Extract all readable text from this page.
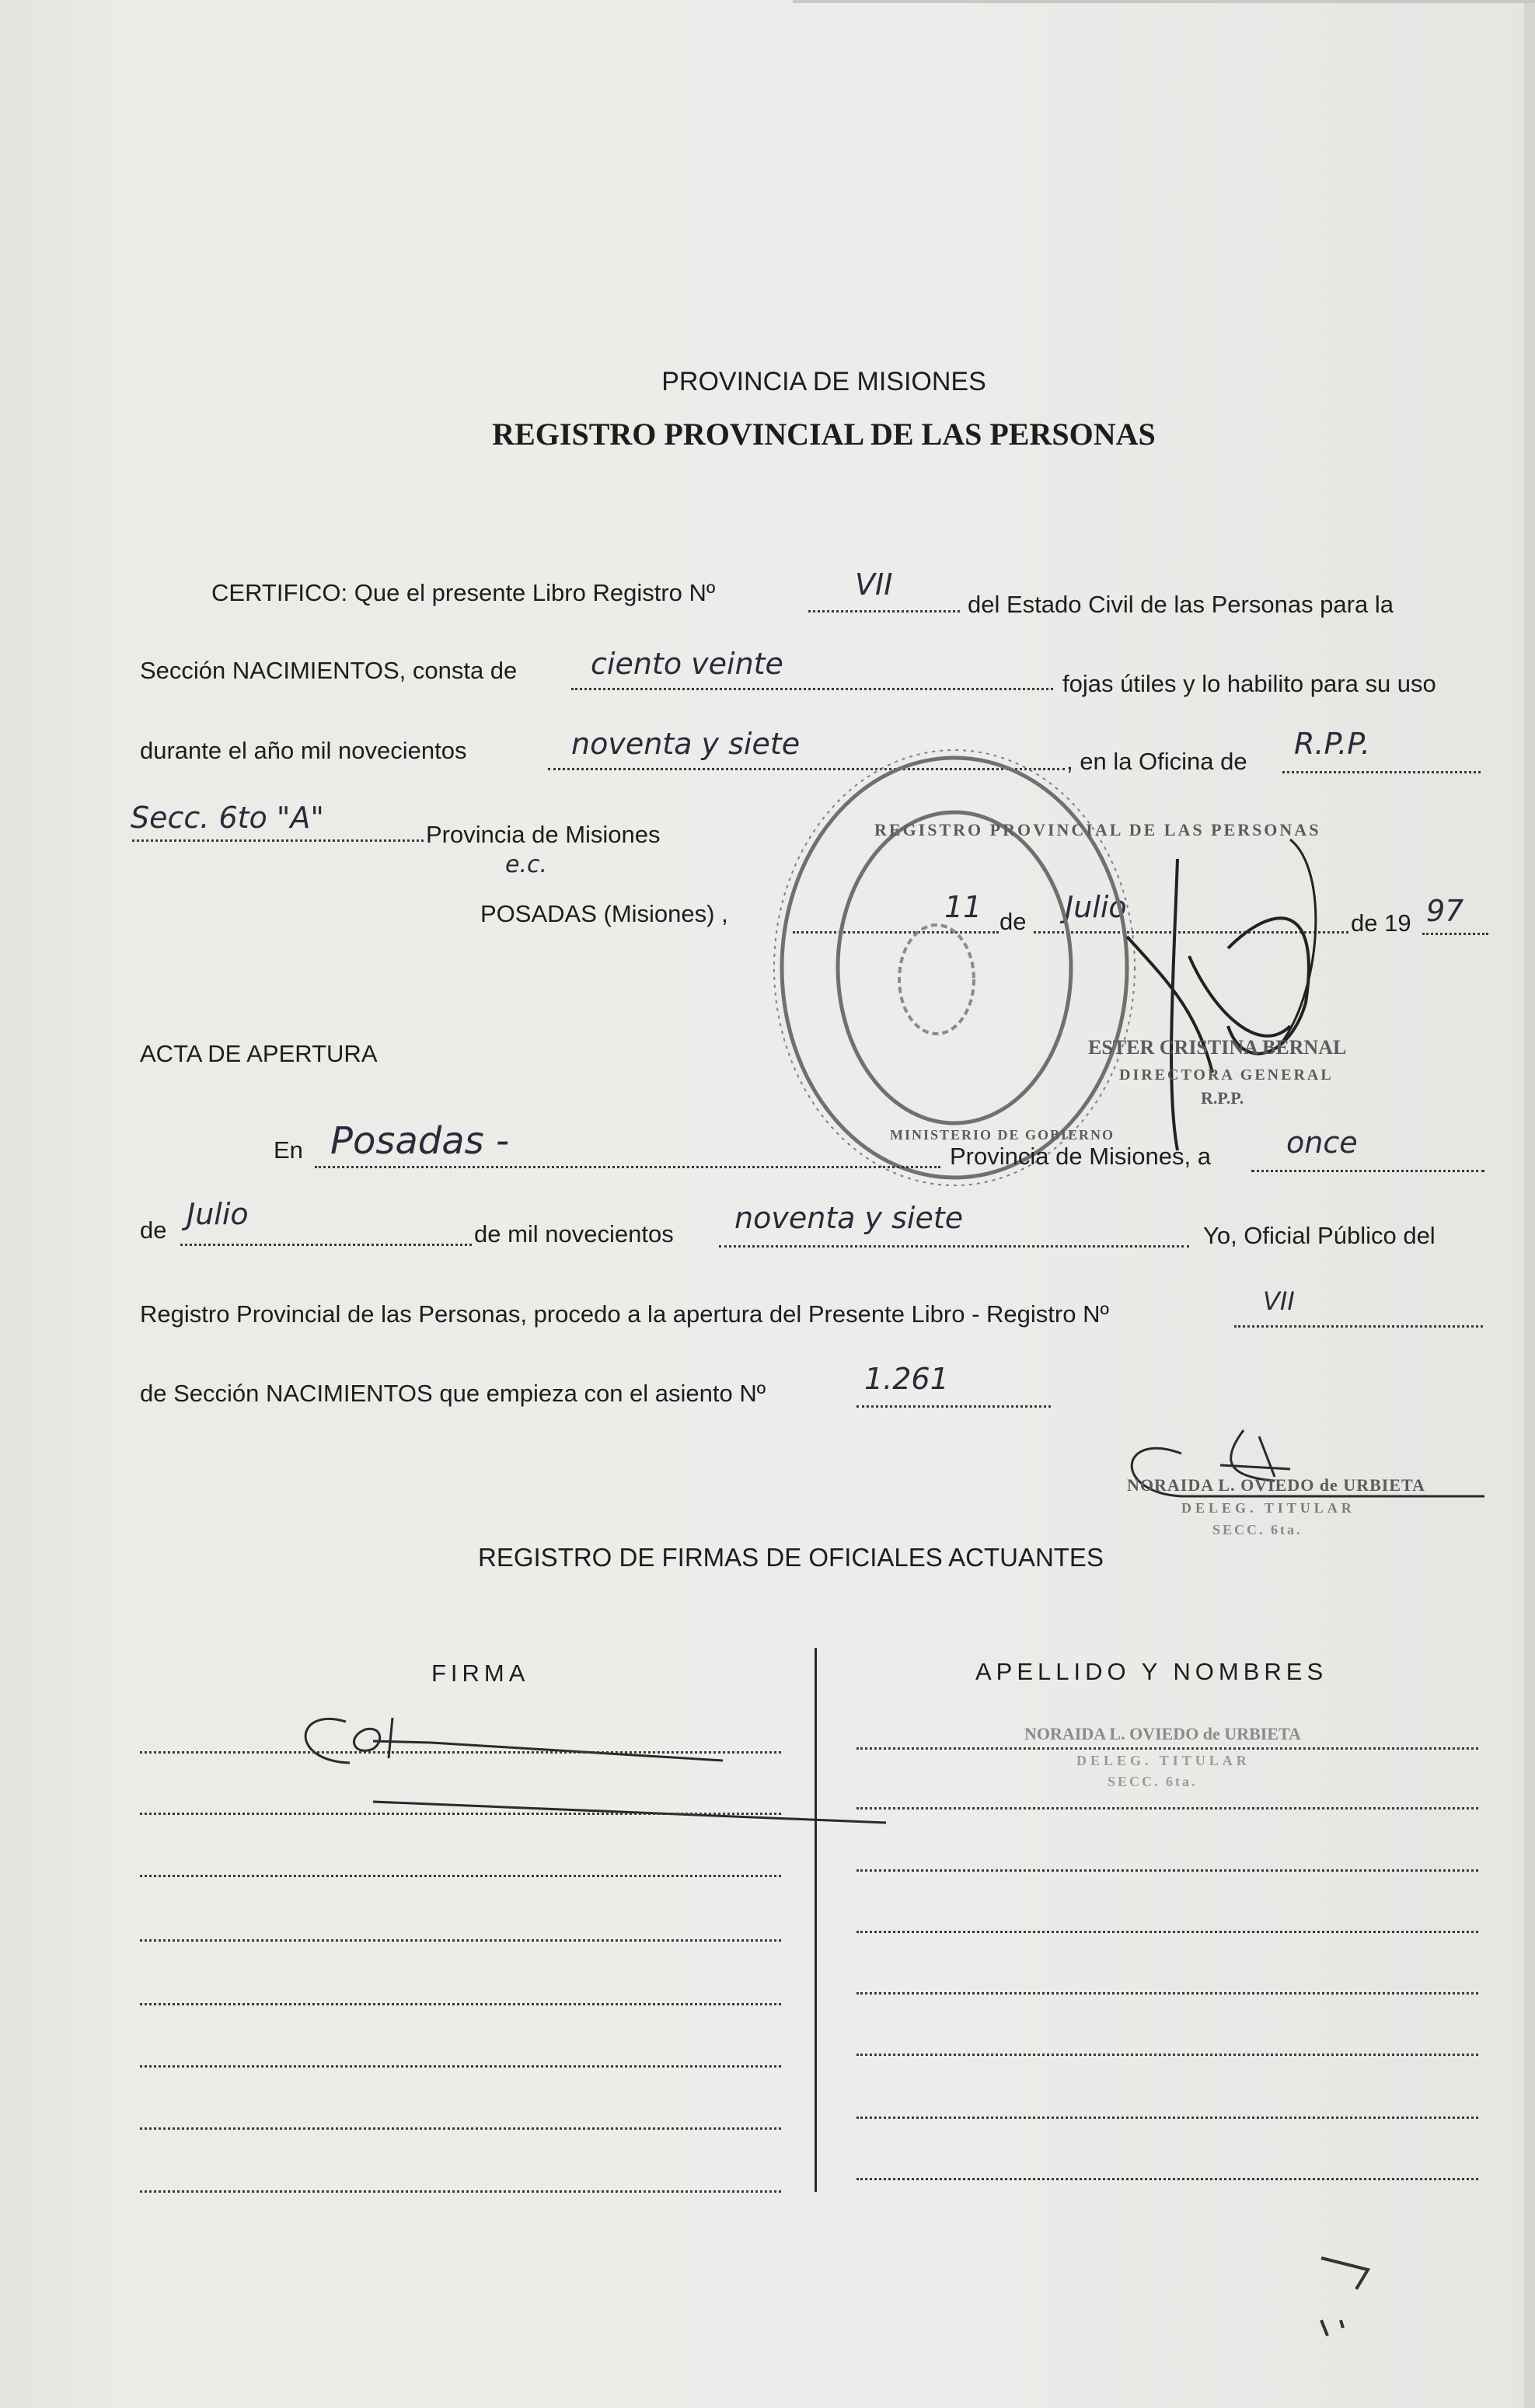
PROVINCIA DE MISIONES
REGISTRO PROVINCIAL DE LAS PERSONAS
CERTIFICO: Que el presente Libro Registro Nº	VII
del Estado Civil de las Personas para la
Sección NACIMIENTOS, consta de ciento veinte
fojas útiles y lo habilito para su uso
durante el año mil novecientos	noventa y siete
, en la Oficina de
R.P.P.
Secc. 6to "A"	Provincia de Misiones
e.c.
POSADAS (Misiones) ,	11 de Julio	de 19 97
ESTER CRISTINA BERNAL
DIRECTORA GENERAL
R.P.P.
REGISTRO PROVINCIAL DE LAS PERSONAS
MINISTERIO DE GOBIERNO
ACTA DE APERTURA
En Posadas -	Provincia de Misiones, a	once
de Julio
de mil novecientos noventa y siete
Yo, Oficial Público del
Registro Provincial de las Personas, procedo a la apertura del Presente Libro - Registro Nº	VII
de Sección NACIMIENTOS que empieza con el asiento Nº	1.261
NORAIDA L. OVIEDO de URBIETA
DELEG. TITULAR
SECC. 6ta.
REGISTRO DE FIRMAS DE OFICIALES ACTUANTES
FIRMA	APELLIDO Y NOMBRES
NORAIDA L. OVIEDO de URBIETA
DELEG. TITULAR
SECC. 6ta.
